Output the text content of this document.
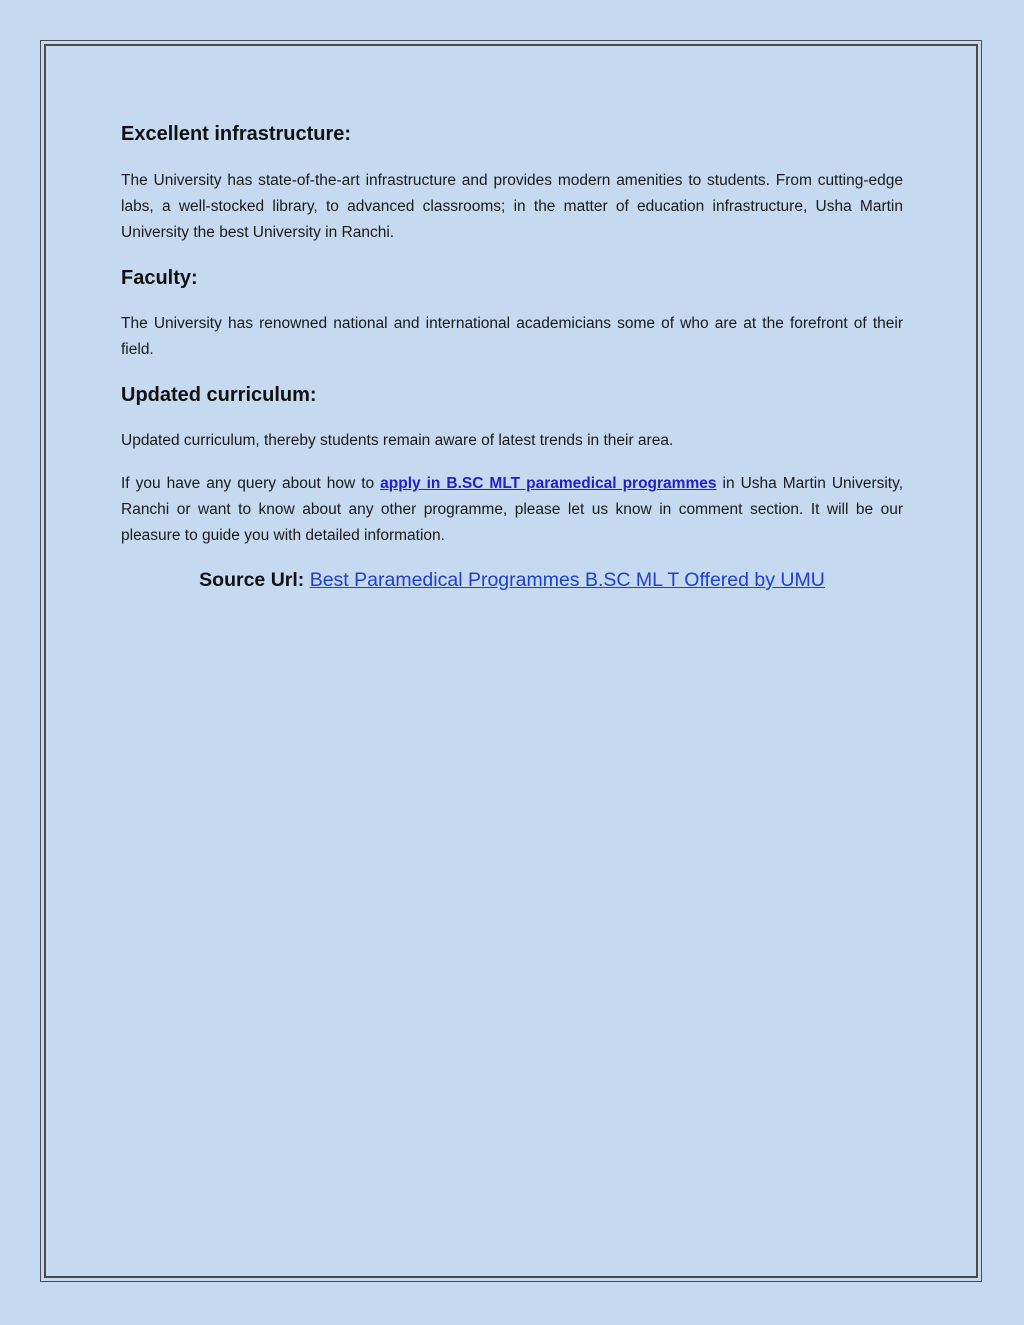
Excellent infrastructure:

The University has state-of-the-art infrastructure and provides modern amenities to students. From cutting-edge labs, a well-stocked library, to advanced classrooms; in the matter of education infrastructure, Usha Martin University the best University in Ranchi.

Faculty:

The University has renowned national and international academicians some of who are at the forefront of their field.

Updated curriculum:

Updated curriculum, thereby students remain aware of latest trends in their area.

If you have any query about how to apply in B.SC MLT paramedical programmes in Usha Martin University, Ranchi or want to know about any other programme, please let us know in comment section. It will be our pleasure to guide you with detailed information.

Source Url: Best Paramedical Programmes B.SC ML T Offered by UMU
